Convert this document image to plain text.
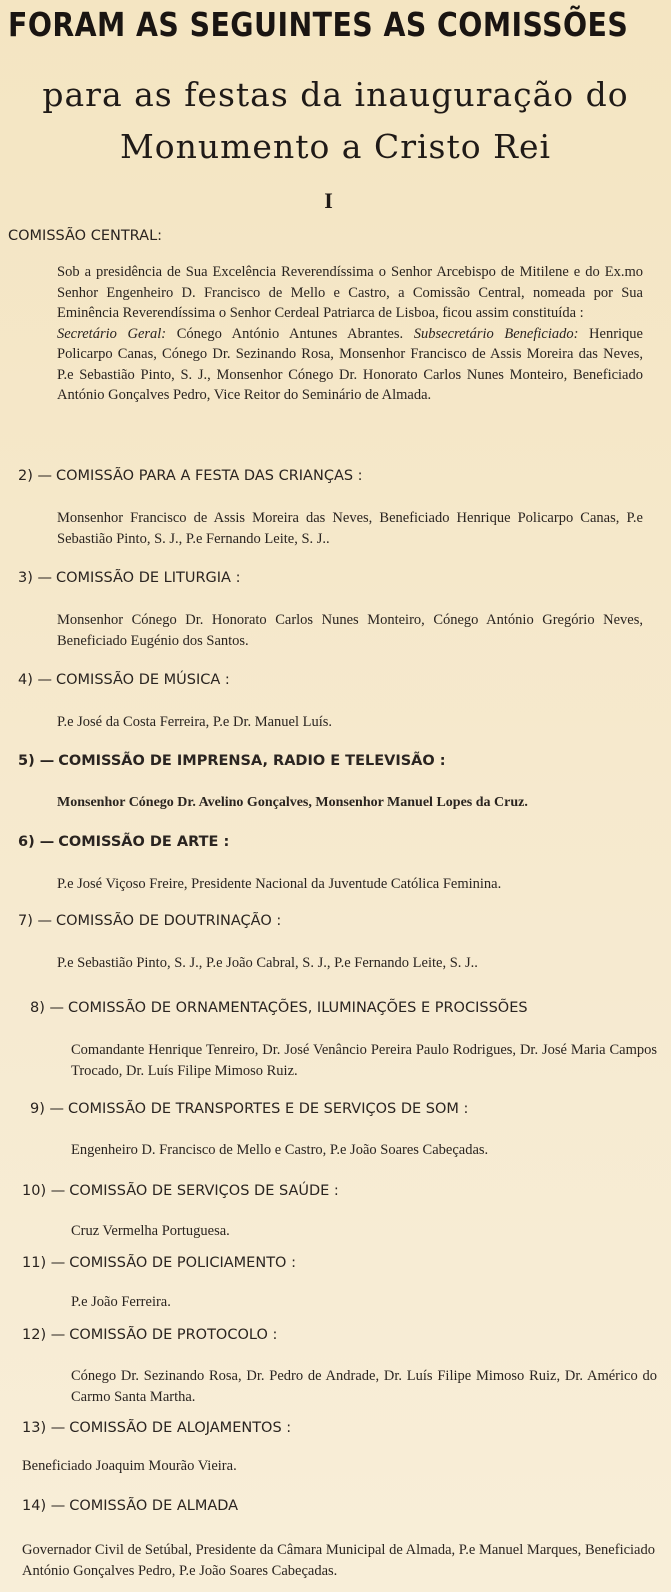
FORAM AS SEGUINTES AS COMISSÕES
para as festas da inauguração do
Monumento a Cristo Rei
I
COMISSÃO CENTRAL:

Sob a presidência de Sua Excelência Reverendíssima o Senhor Arcebispo de Mitilene e do Ex.mo Senhor Engenheiro D. Francisco de Mello e Castro, a Comissão Central, nomeada por Sua Eminência Reverendíssima o Senhor Cerdeal Patriarca de Lisboa, ficou assim constituída :

Secretário Geral: Cónego António Antunes Abrantes. Subsecretário Beneficiado: Henrique Policarpo Canas, Cónego Dr. Sezinando Rosa, Monsenhor Francisco de Assis Moreira das Neves, P.e Sebastião Pinto, S. J., Monsenhor Cónego Dr. Honorato Carlos Nunes Monteiro, Beneficiado António Gonçalves Pedro, Vice Reitor do Seminário de Almada.

2) — COMISSÃO PARA A FESTA DAS CRIANÇAS :
Monsenhor Francisco de Assis Moreira das Neves, Beneficiado Henrique Policarpo Canas, P.e Sebastião Pinto, S. J., P.e Fernando Leite, S. J..
3) — COMISSÃO DE LITURGIA :
Monsenhor Cónego Dr. Honorato Carlos Nunes Monteiro, Cónego António Gregório Neves, Beneficiado Eugénio dos Santos.
4) — COMISSÃO DE MÚSICA :
P.e José da Costa Ferreira, P.e Dr. Manuel Luís.
5) — COMISSÃO DE IMPRENSA, RADIO E TELEVISÃO :
Monsenhor Cónego Dr. Avelino Gonçalves, Monsenhor Manuel Lopes da Cruz.
6) — COMISSÃO DE ARTE :
P.e José Viçoso Freire, Presidente Nacional da Juventude Católica Feminina.
7) — COMISSÃO DE DOUTRINAÇÃO :
P.e Sebastião Pinto, S. J., P.e João Cabral, S. J., P.e Fernando Leite, S. J..
8) — COMISSÃO DE ORNAMENTAÇÕES, ILUMINAÇÕES E PROCISSÕES
Comandante Henrique Tenreiro, Dr. José Venâncio Pereira Paulo Rodrigues, Dr. José Maria Campos Trocado, Dr. Luís Filipe Mimoso Ruiz.
9) — COMISSÃO DE TRANSPORTES E DE SERVIÇOS DE SOM :
Engenheiro D. Francisco de Mello e Castro, P.e João Soares Cabeçadas.
10) — COMISSÃO DE SERVIÇOS DE SAÚDE :
Cruz Vermelha Portuguesa.
11) — COMISSÃO DE POLICIAMENTO :
P.e João Ferreira.
12) — COMISSÃO DE PROTOCOLO :
Cónego Dr. Sezinando Rosa, Dr. Pedro de Andrade, Dr. Luís Filipe Mimoso Ruiz, Dr. Américo do Carmo Santa Martha.
13) — COMISSÃO DE ALOJAMENTOS :
Beneficiado Joaquim Mourão Vieira.
14) — COMISSÃO DE ALMADA
Governador Civil de Setúbal, Presidente da Câmara Municipal de Almada, P.e Manuel Marques, Beneficiado António Gonçalves Pedro, P.e João Soares Cabeçadas.
